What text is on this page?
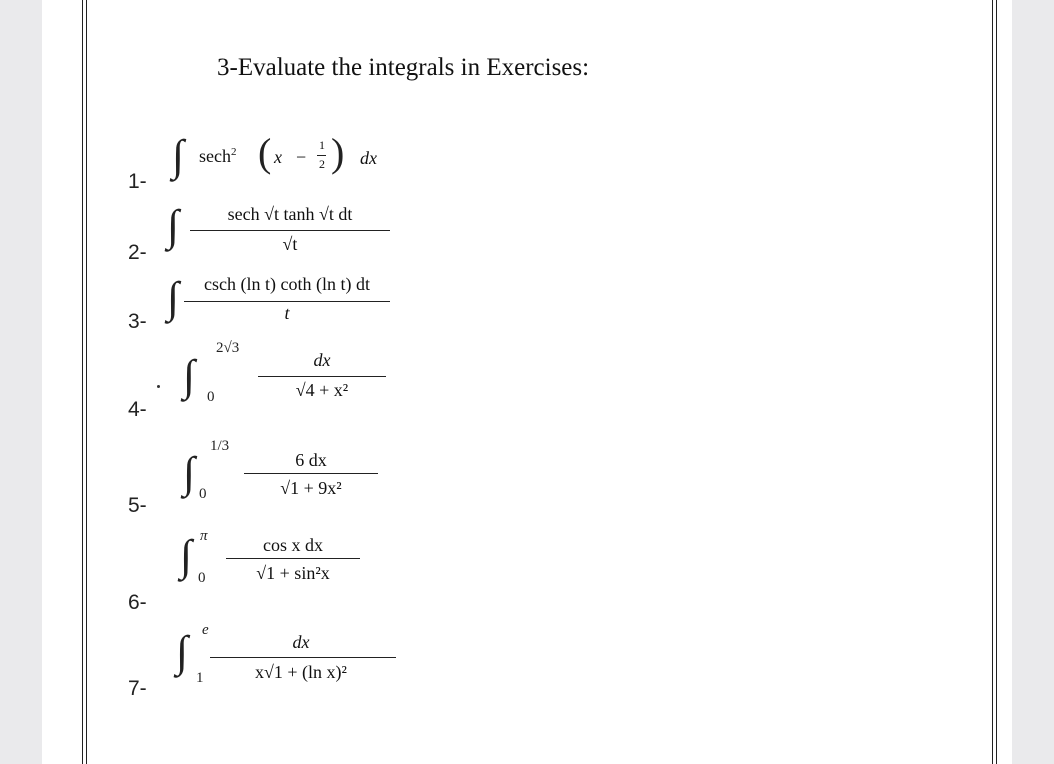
3-Evaluate the integrals in Exercises:
1-
∫ sech$^2$ ( x −
1
2 ) dx
2-
∫	sech √t tanh √t dt
√t
3- ∫	csch (ln t) coth (ln t) dt
t
4-
∫
2√3
0
dx
√4 + x²
5-
∫
1/3
0
6 dx
√1 + 9x²
6-
∫ π
0
cos x dx
√1 + sin²x
7-
∫ e
1
dx
x√1 + (ln x)²
